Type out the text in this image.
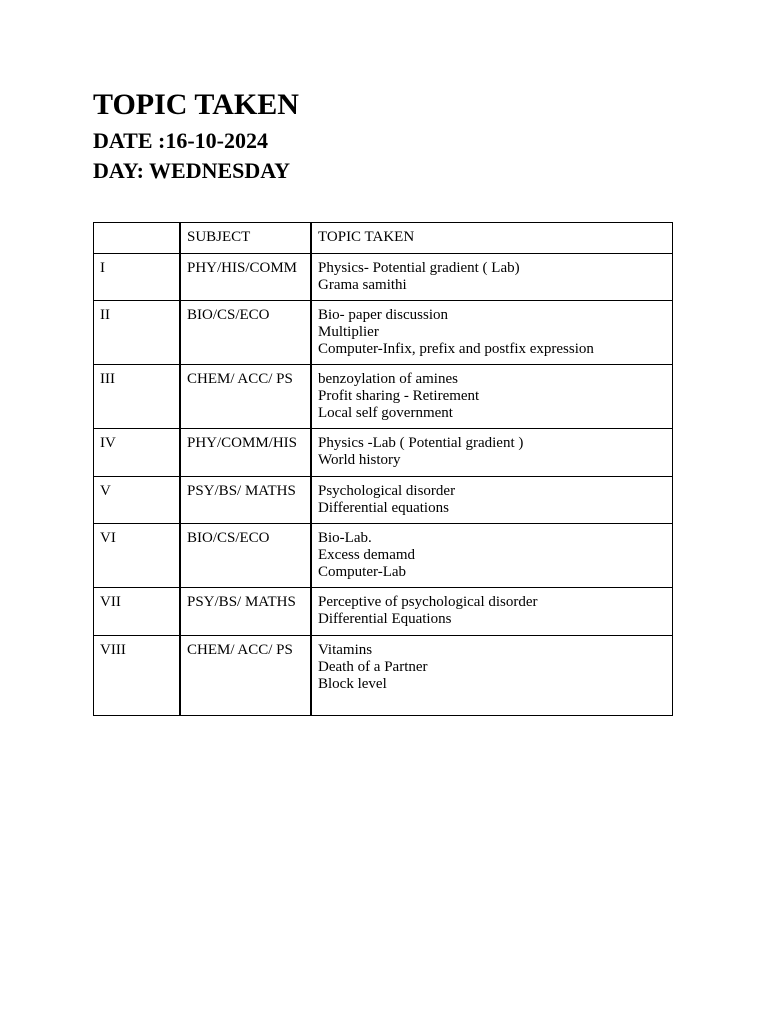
TOPIC TAKEN
DATE :16-10-2024
DAY: WEDNESDAY
	SUBJECT	TOPIC TAKEN
I	PHY/HIS/COMM	Physics- Potential gradient ( Lab)
Grama samithi

II	BIO/CS/ECO	Bio- paper discussion
Multiplier
Computer-Infix, prefix and postfix expression

III	CHEM/ ACC/ PS	benzoylation of amines
Profit sharing - Retirement
Local self government

IV	PHY/COMM/HIS	Physics -Lab ( Potential gradient )
World history

V	PSY/BS/ MATHS	Psychological disorder
Differential equations

VI	BIO/CS/ECO	Bio-Lab.
Excess demamd
Computer-Lab

VII	PSY/BS/ MATHS	Perceptive of psychological disorder
Differential Equations

VIII	CHEM/ ACC/ PS	Vitamins
Death of a Partner
Block level
